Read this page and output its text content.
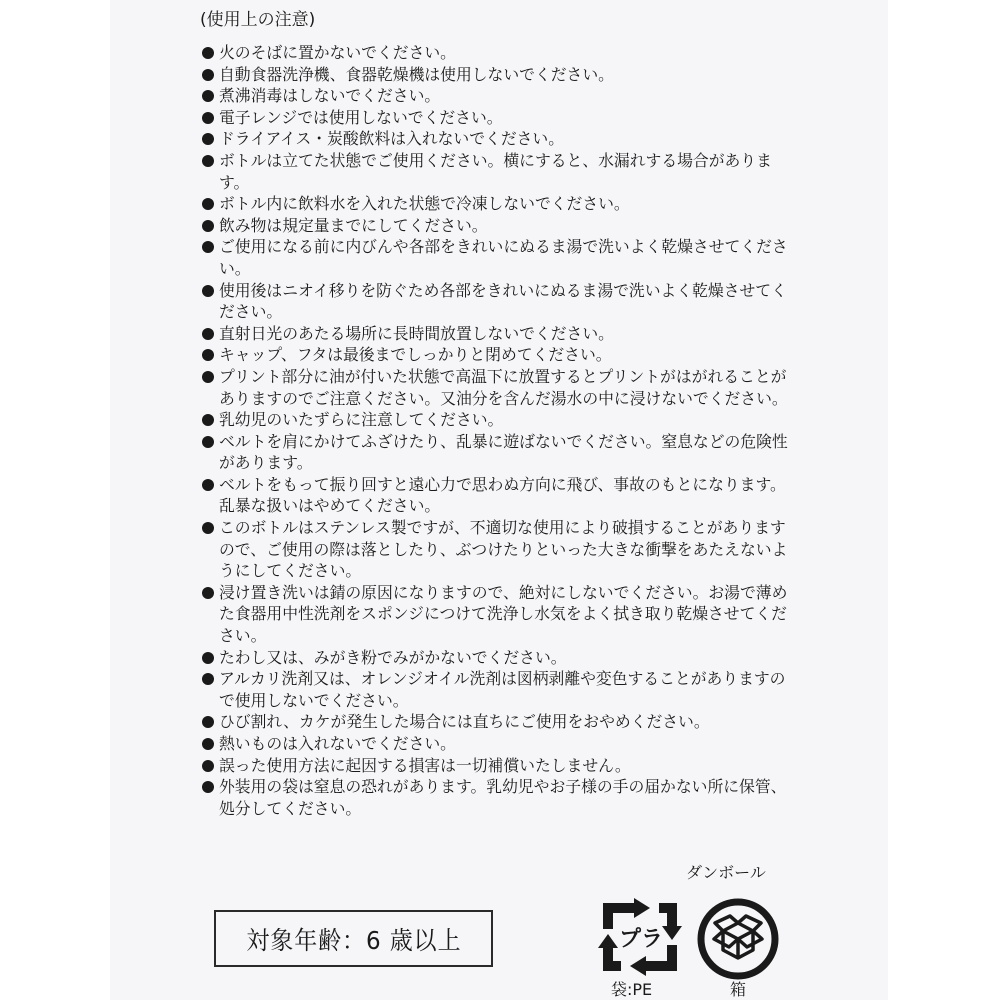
(使用上の注意)
火のそばに置かないでください。
自動食器洗浄機、食器乾燥機は使用しないでください。
煮沸消毒はしないでください。
電子レンジでは使用しないでください。
ドライアイス・炭酸飲料は入れないでください。
ボトルは立てた状態でご使用ください。横にすると、水漏れする場合があります。
ボトル内に飲料水を入れた状態で冷凍しないでください。
飲み物は規定量までにしてください。
ご使用になる前に内びんや各部をきれいにぬるま湯で洗いよく乾燥させてください。
使用後はニオイ移りを防ぐため各部をきれいにぬるま湯で洗いよく乾燥させてください。
直射日光のあたる場所に長時間放置しないでください。
キャップ、フタは最後までしっかりと閉めてください。
プリント部分に油が付いた状態で高温下に放置するとプリントがはがれることがありますのでご注意ください。又油分を含んだ湯水の中に浸けないでください。
乳幼児のいたずらに注意してください。
ベルトを肩にかけてふざけたり、乱暴に遊ばないでください。窒息などの危険性があります。
ベルトをもって振り回すと遠心力で思わぬ方向に飛び、事故のもとになります。乱暴な扱いはやめてください。
このボトルはステンレス製ですが、不適切な使用により破損することがありますので、ご使用の際は落としたり、ぶつけたりといった大きな衝撃をあたえないようにしてください。
浸け置き洗いは錆の原因になりますので、絶対にしないでください。お湯で薄めた食器用中性洗剤をスポンジにつけて洗浄し水気をよく拭き取り乾燥させてください。
たわし又は、みがき粉でみがかないでください。
アルカリ洗剤又は、オレンジオイル洗剤は図柄剥離や変色することがありますので使用しないでください。
ひび割れ、カケが発生した場合には直ちにご使用をおやめください。
熱いものは入れないでください。
誤った使用方法に起因する損害は一切補償いたしません。
外装用の袋は窒息の恐れがあります。乳幼児やお子様の手の届かない所に保管、処分してください。
ダンボール
対象年齢：6 歳以上	プラ
袋:PE	箱
